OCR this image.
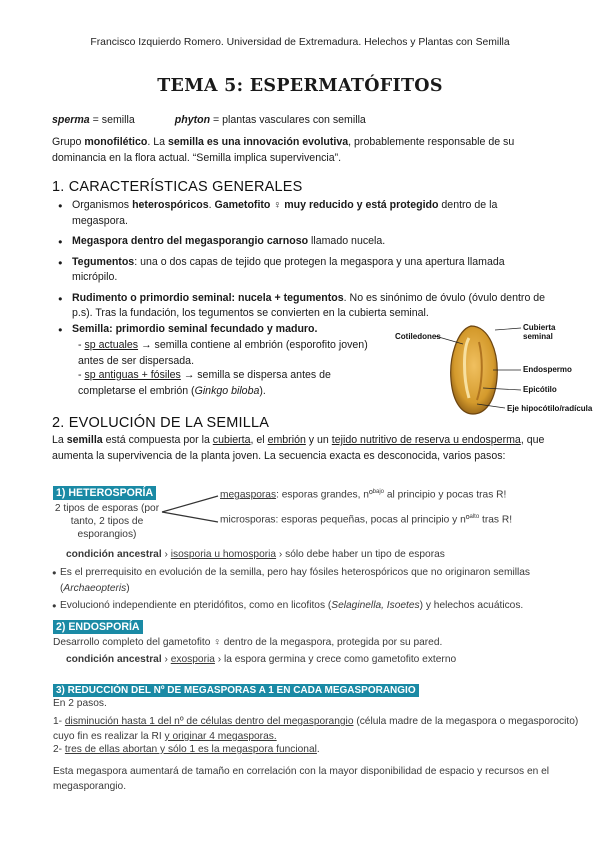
Francisco Izquierdo Romero. Universidad de Extremadura. Helechos y Plantas con Semilla
TEMA 5: ESPERMATÓFITOS
sperma = semilla	phyton = plantas vasculares con semilla
Grupo monofilético. La semilla es una innovación evolutiva, probablemente responsable de su dominancia en la flora actual. “Semilla implica supervivencia”.
1. CARACTERÍSTICAS GENERALES
● Organismos heterospóricos. Gametofito ♀ muy reducido y está protegido dentro de la megaspora.
● Megaspora dentro del megasporangio carnoso llamado nucela.
● Tegumentos: una o dos capas de tejido que protegen la megaspora y una apertura llamada micrópilo.
● Rudimento o primordio seminal: nucela + tegumentos. No es sinónimo de óvulo (óvulo dentro de p.s). Tras la fundación, los tegumentos se convierten en la cubierta seminal.
● Semilla: primordio seminal fecundado y maduro.
- sp actuales → semilla contiene al embrión (esporofito joven) antes de ser dispersada.
- sp antiguas + fósiles → semilla se dispersa antes de completarse el embrión (Ginkgo biloba).
Cotiledones
Cubierta seminal
Endospermo
Epicótilo
Eje hipocótilo/radícula
2. EVOLUCIÓN DE LA SEMILLA
La semilla está compuesta por la cubierta, el embrión y un tejido nutritivo de reserva u endosperma, que aumenta la supervivencia de la planta joven. La secuencia exacta es desconocida, varios pasos:
1) HETEROSPORÍA
2 tipos de esporas (por tanto, 2 tipos de esporangios)
megasporas: esporas grandes, nº$^{bajo}$ al principio y pocas tras R!
microsporas: esporas pequeñas, pocas al principio y nº$^{alto}$ tras R!
condición ancestral › isosporia u homosporia › sólo debe haber un tipo de esporas
● Es el prerrequisito en evolución de la semilla, pero hay fósiles heterospóricos que no originaron semillas (Archaeopteris)
● Evolucionó independiente en pteridófitos, como en licofitos (Selaginella, Isoetes) y helechos acuáticos.
2) ENDOSPORÍA
Desarrollo completo del gametofito ♀ dentro de la megaspora, protegida por su pared.
condición ancestral › exosporia › la espora germina y crece como gametofito externo
3) REDUCCIÓN DEL Nº DE MEGASPORAS A 1 EN CADA MEGASPORANGIO
En 2 pasos.
1- disminución hasta 1 del nº de células dentro del megasporangio (célula madre de la megaspora o megasporocito) cuyo fin es realizar la RI y originar 4 megasporas.
2- tres de ellas abortan y sólo 1 es la megaspora funcional.
Esta megaspora aumentará de tamaño en correlación con la mayor disponibilidad de espacio y recursos en el megasporangio.
